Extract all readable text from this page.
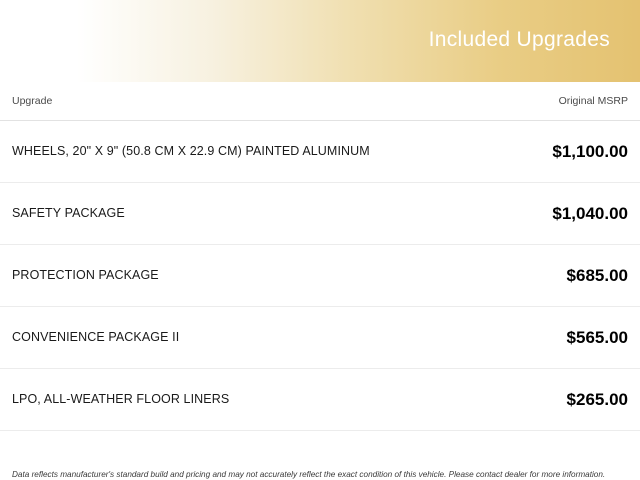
Included Upgrades
Upgrade	Original MSRP
WHEELS, 20" X 9" (50.8 CM X 22.9 CM) PAINTED ALUMINUM	$1,100.00
SAFETY PACKAGE	$1,040.00
PROTECTION PACKAGE	$685.00
CONVENIENCE PACKAGE II	$565.00
LPO, ALL-WEATHER FLOOR LINERS	$265.00
Data reflects manufacturer's standard build and pricing and may not accurately reflect the exact condition of this vehicle. Please contact dealer for more information.
